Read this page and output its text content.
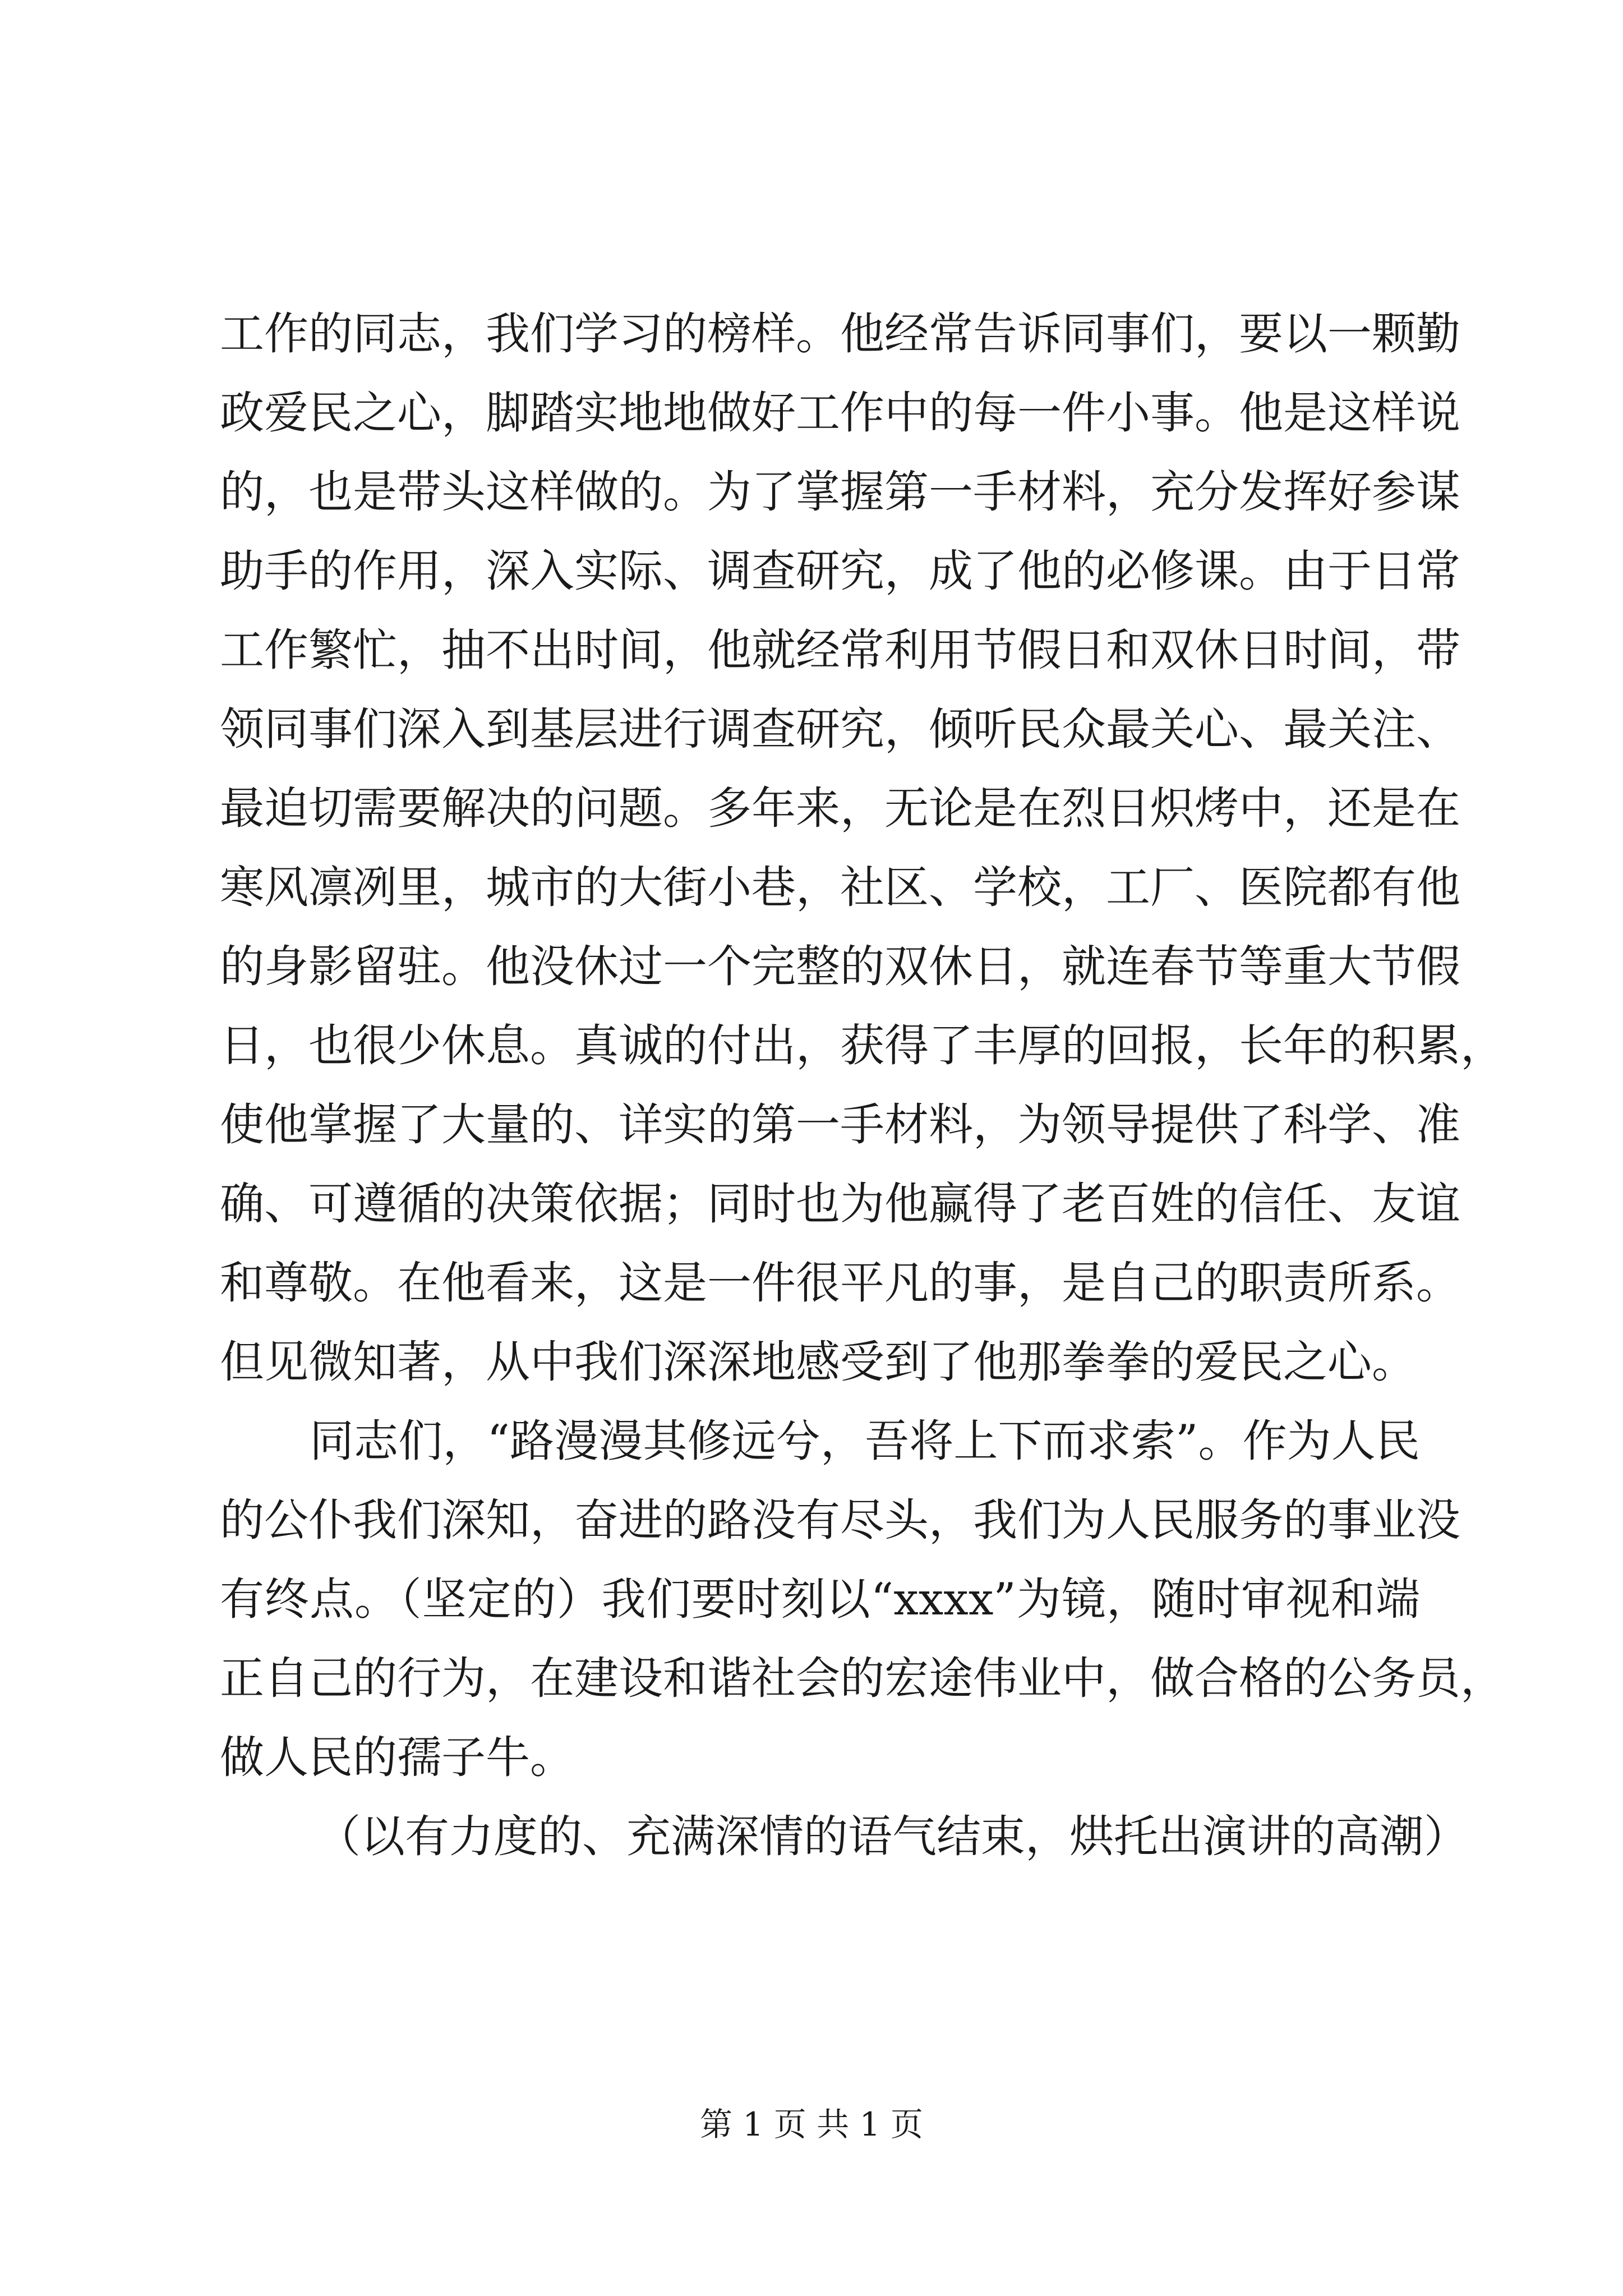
工作的同志，我们学习的榜样。他经常告诉同事们，要以一颗勤
政爱民之心，脚踏实地地做好工作中的每一件小事。他是这样说
的，也是带头这样做的。为了掌握第一手材料，充分发挥好参谋
助手的作用，深入实际、调查研究，成了他的必修课。由于日常
工作繁忙，抽不出时间，他就经常利用节假日和双休日时间，带
领同事们深入到基层进行调查研究，倾听民众最关心、最关注、
最迫切需要解决的问题。多年来，无论是在烈日炽烤中，还是在
寒风凛冽里，城市的大街小巷，社区、学校，工厂、医院都有他
的身影留驻。他没休过一个完整的双休日，就连春节等重大节假
日，也很少休息。真诚的付出，获得了丰厚的回报，长年的积累，
使他掌握了大量的、详实的第一手材料，为领导提供了科学、准
确、可遵循的决策依据；同时也为他赢得了老百姓的信任、友谊
和尊敬。在他看来，这是一件很平凡的事，是自己的职责所系。
但见微知著，从中我们深深地感受到了他那拳拳的爱民之心。
同志们，“路漫漫其修远兮，吾将上下而求索”。作为人民
的公仆我们深知，奋进的路没有尽头，我们为人民服务的事业没
有终点。（坚定的）我们要时刻以“xxxx”为镜，随时审视和端
正自己的行为，在建设和谐社会的宏途伟业中，做合格的公务员，
做人民的孺子牛。
（以有力度的、充满深情的语气结束，烘托出演讲的高潮）
第 1 页 共 1 页
